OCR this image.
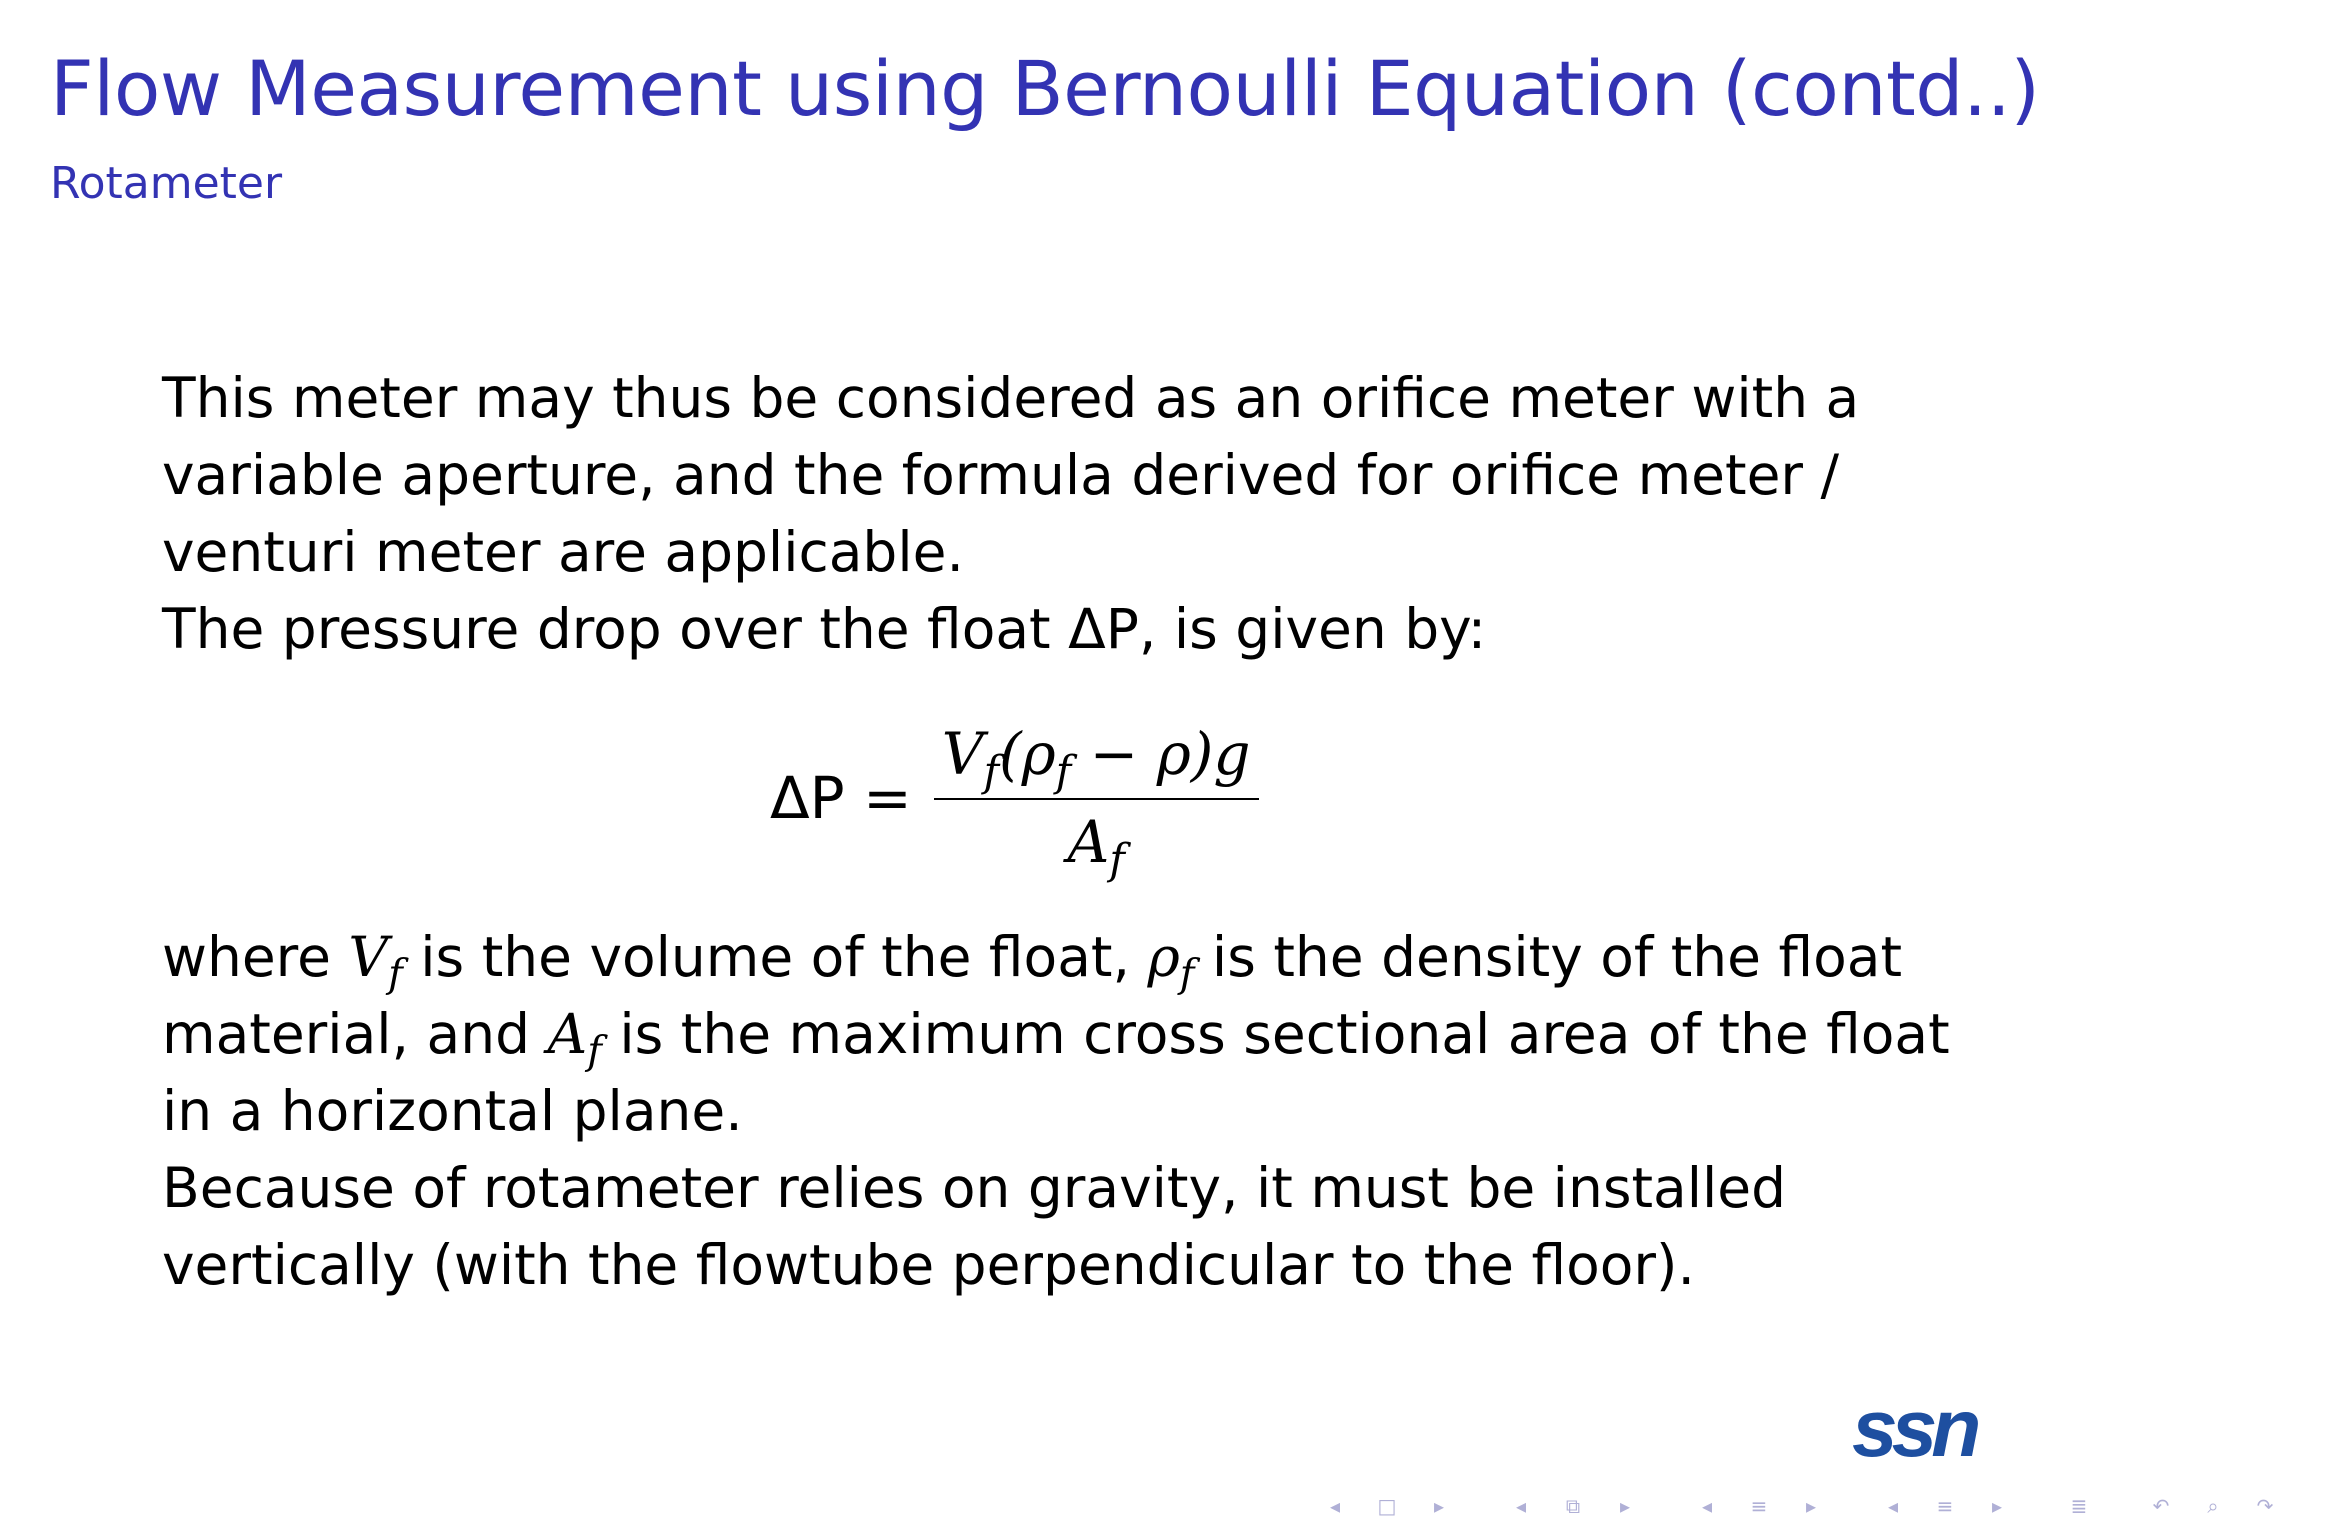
Flow Measurement using Bernoulli Equation (contd..)
Rotameter
This meter may thus be considered as an orifice meter with a
variable aperture, and the formula derived for orifice meter /
venturi meter are applicable.
The pressure drop over the float ΔP, is given by:
$\Delta P = \frac{V_f(\rho_f - \rho)g}{A_f}$
where $V_f$ is the volume of the float, $\rho_f$ is the density of the float
material, and $A_f$ is the maximum cross sectional area of the float
in a horizontal plane.
Because of rotameter relies on gravity, it must be installed
vertically (with the flowtube perpendicular to the floor).
ssn
◂	□	▸	◂	⧉	▸	◂	≡	▸	◂	≡	▸	≣	↶	⌕	↷
